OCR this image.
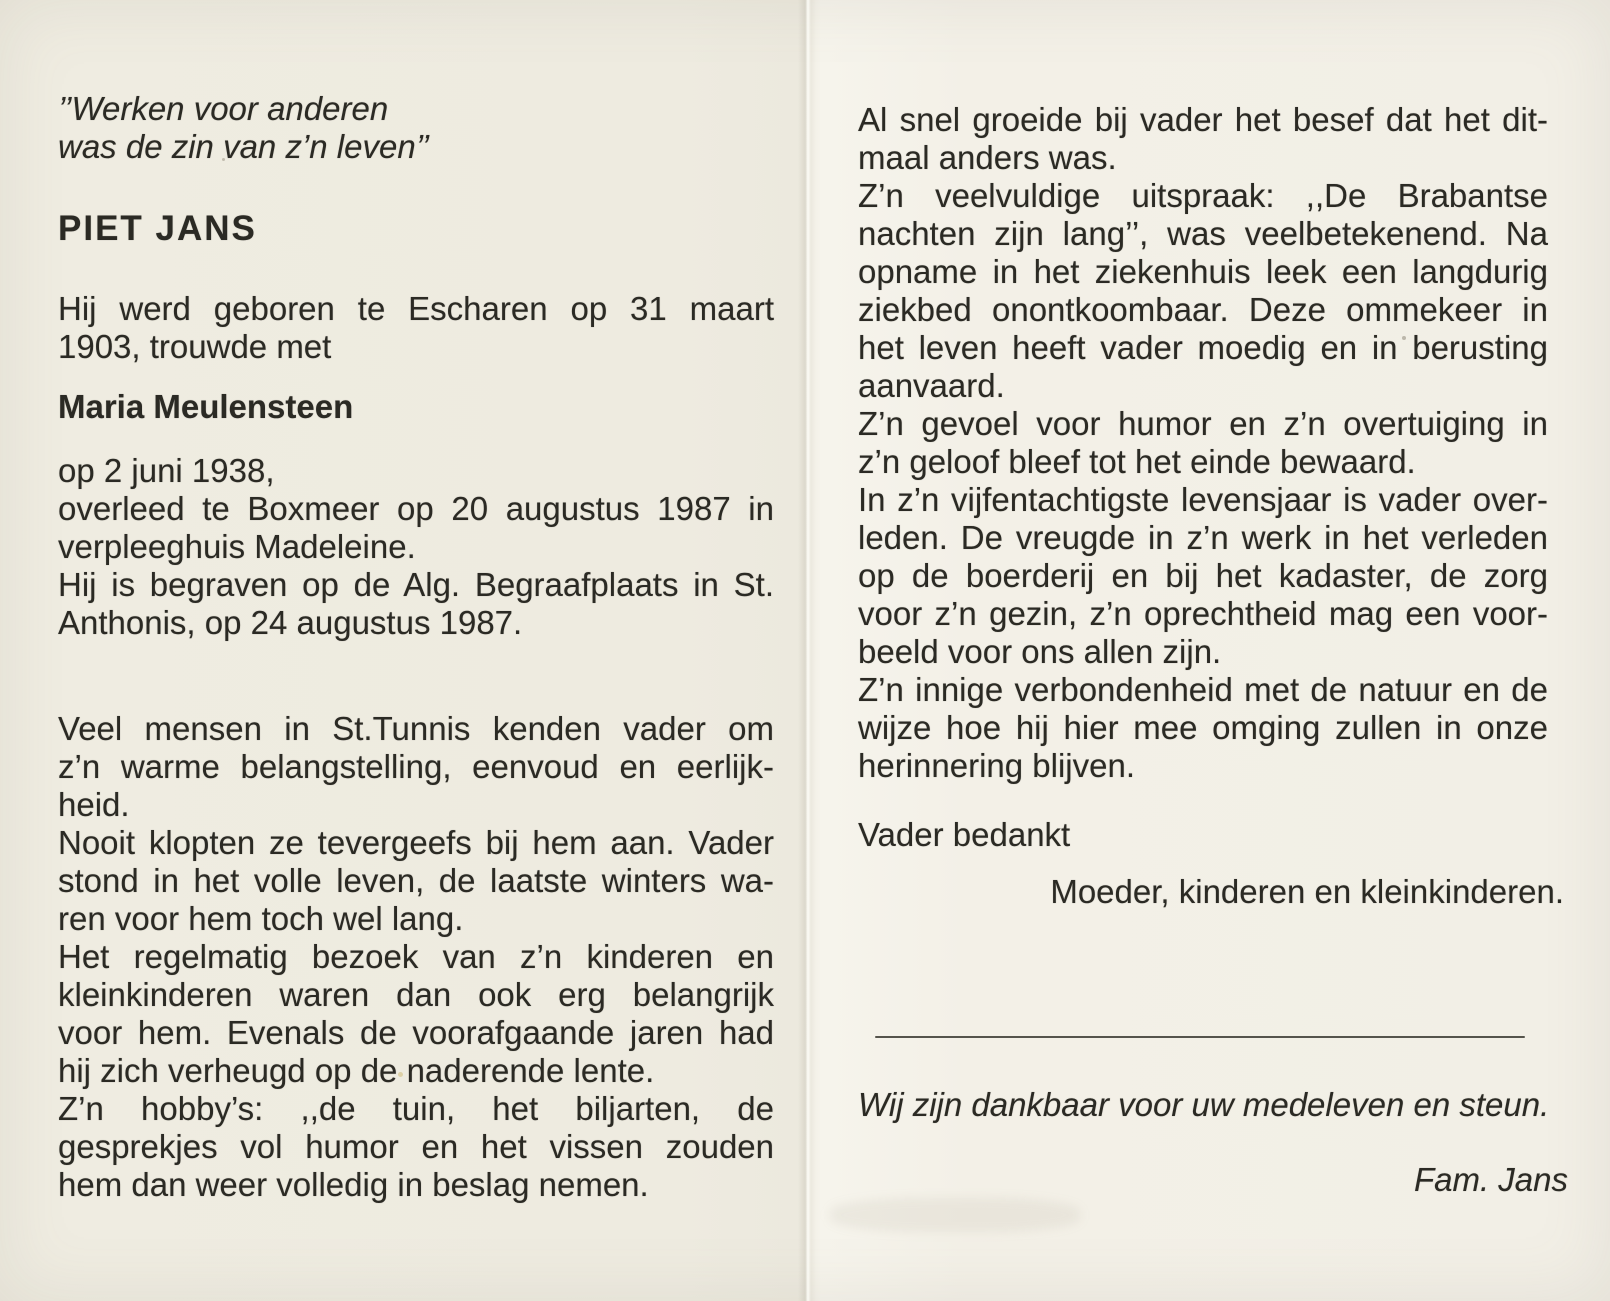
’’Werken voor anderen
was de zin van z’n leven’’
PIET JANS
Hij werd geboren te Escharen op 31 maart
1903, trouwde met
Maria Meulensteen
op 2 juni 1938,
overleed te Boxmeer op 20 augustus 1987 in
verpleeghuis Madeleine.
Hij is begraven op de Alg. Begraafplaats in St.
Anthonis, op 24 augustus 1987.
Veel mensen in St.Tunnis kenden vader om
z’n warme belangstelling, eenvoud en eerlijk-
heid.
Nooit klopten ze tevergeefs bij hem aan. Vader
stond in het volle leven, de laatste winters wa-
ren voor hem toch wel lang.
Het regelmatig bezoek van z’n kinderen en
kleinkinderen waren dan ook erg belangrijk
voor hem. Evenals de voorafgaande jaren had
hij zich verheugd op de naderende lente.
Z’n hobby’s: ,,de tuin, het biljarten, de
gesprekjes vol humor en het vissen zouden
hem dan weer volledig in beslag nemen.
Al snel groeide bij vader het besef dat het dit-
maal anders was.
Z’n veelvuldige uitspraak: ,,De Brabantse
nachten zijn lang’’, was veelbetekenend. Na
opname in het ziekenhuis leek een langdurig
ziekbed onontkoombaar. Deze ommekeer in
het leven heeft vader moedig en in berusting
aanvaard.
Z’n gevoel voor humor en z’n overtuiging in
z’n geloof bleef tot het einde bewaard.
In z’n vijfentachtigste levensjaar is vader over-
leden. De vreugde in z’n werk in het verleden
op de boerderij en bij het kadaster, de zorg
voor z’n gezin, z’n oprechtheid mag een voor-
beeld voor ons allen zijn.
Z’n innige verbondenheid met de natuur en de
wijze hoe hij hier mee omging zullen in onze
herinnering blijven.
Vader bedankt
Moeder, kinderen en kleinkinderen.
Wij zijn dankbaar voor uw medeleven en steun.
Fam. Jans
